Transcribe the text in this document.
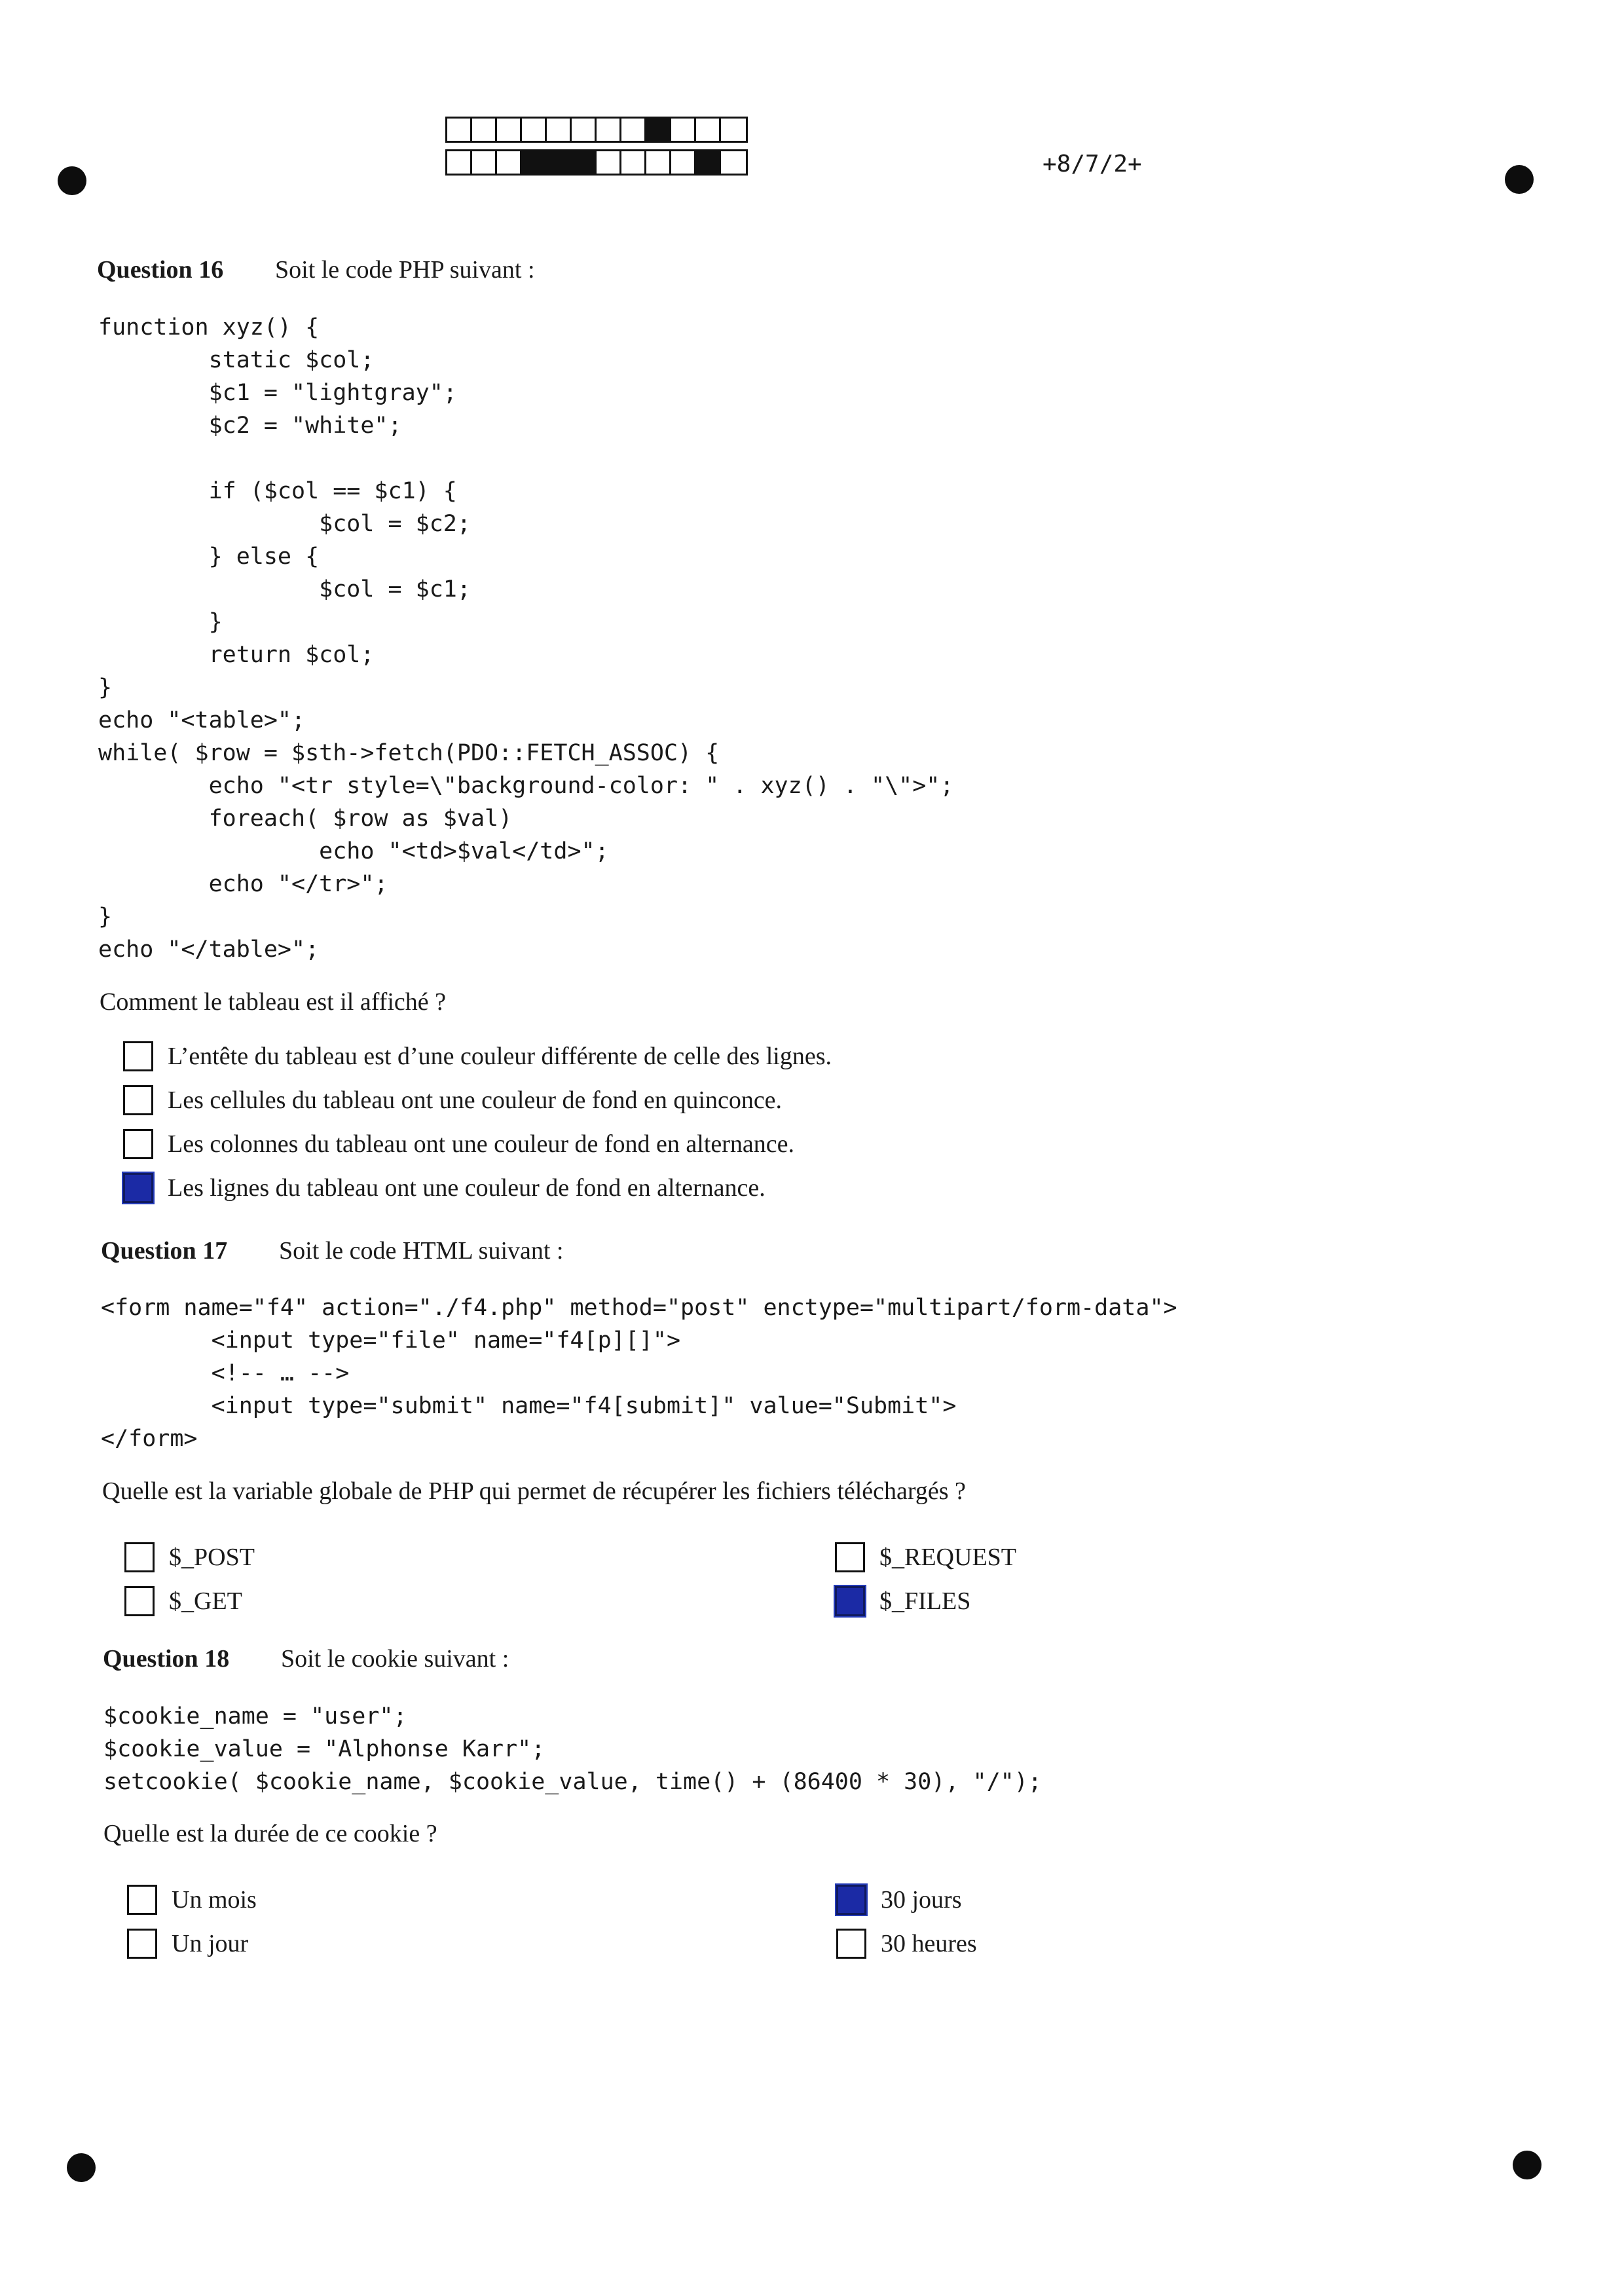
+8/7/2+
Question 16	Soit le code PHP suivant :
function xyz() {
static $col;
$c1 = "lightgray";
$c2 = "white";

if ($col == $c1) {
$col = $c2;
} else {
$col = $c1;
}
return $col;
}
echo "<table>";
while( $row = $sth->fetch(PDO::FETCH_ASSOC) {
echo "<tr style=\"background-color: " . xyz() . "\">";
foreach( $row as $val)
echo "<td>$val</td>";
echo "</tr>";
}
echo "</table>";
Comment le tableau est il affiché ?
L’entête du tableau est d’une couleur différente de celle des lignes.
Les cellules du tableau ont une couleur de fond en quinconce.
Les colonnes du tableau ont une couleur de fond en alternance.
Les lignes du tableau ont une couleur de fond en alternance.
Question 17	Soit le code HTML suivant :
<form name="f4" action="./f4.php" method="post" enctype="multipart/form-data">
<input type="file" name="f4[p][]">
<!-- … -->
<input type="submit" name="f4[submit]" value="Submit">
</form>
Quelle est la variable globale de PHP qui permet de récupérer les fichiers téléchargés ?
$_POST	$_REQUEST
$_GET	$_FILES
Question 18	Soit le cookie suivant :
$cookie_name = "user";
$cookie_value = "Alphonse Karr";
setcookie( $cookie_name, $cookie_value, time() + (86400 * 30), "/");
Quelle est la durée de ce cookie ?
Un mois	30 jours
Un jour	30 heures
